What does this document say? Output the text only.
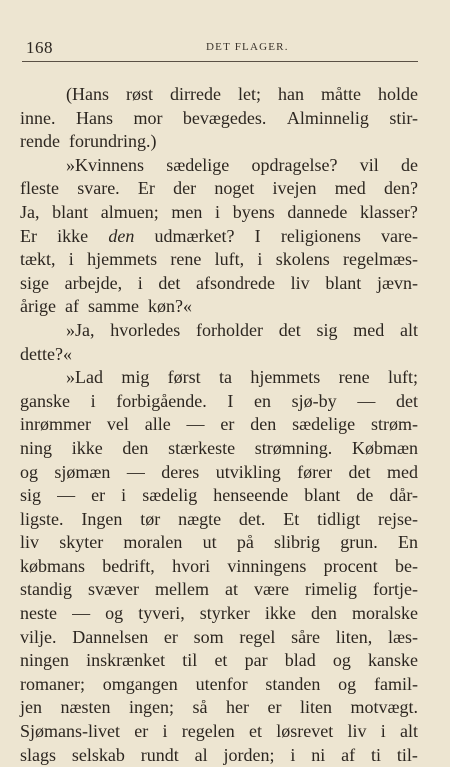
168	DET FLAGER.
(Hans røst dirrede let; han måtte holde
inne. Hans mor bevægedes. Alminnelig stir-
rende forundring.)
»Kvinnens sædelige opdragelse? vil de
fleste svare. Er der noget ivejen med den?
Ja, blant almuen; men i byens dannede klasser?
Er ikke den udmærket? I religionens vare-
tækt, i hjemmets rene luft, i skolens regelmæs-
sige arbejde, i det afsondrede liv blant jævn-
årige af samme køn?«
»Ja, hvorledes forholder det sig med alt
dette?«
»Lad mig først ta hjemmets rene luft;
ganske i forbigående. I en sjø-by — det
inrømmer vel alle — er den sædelige strøm-
ning ikke den stærkeste strømning. Købmæn
og sjømæn — deres utvikling fører det med
sig — er i sædelig henseende blant de dår-
ligste. Ingen tør nægte det. Et tidligt rejse-
liv skyter moralen ut på slibrig grun. En
købmans bedrift, hvori vinningens procent be-
standig svæver mellem at være rimelig fortje-
neste — og tyveri, styrker ikke den moralske
vilje. Dannelsen er som regel såre liten, læs-
ningen inskrænket til et par blad og kanske
romaner; omgangen utenfor standen og famil-
jen næsten ingen; så her er liten motvægt.
Sjømans-livet er i regelen et løsrevet liv i alt
slags selskab rundt al jorden; i ni af ti til-
